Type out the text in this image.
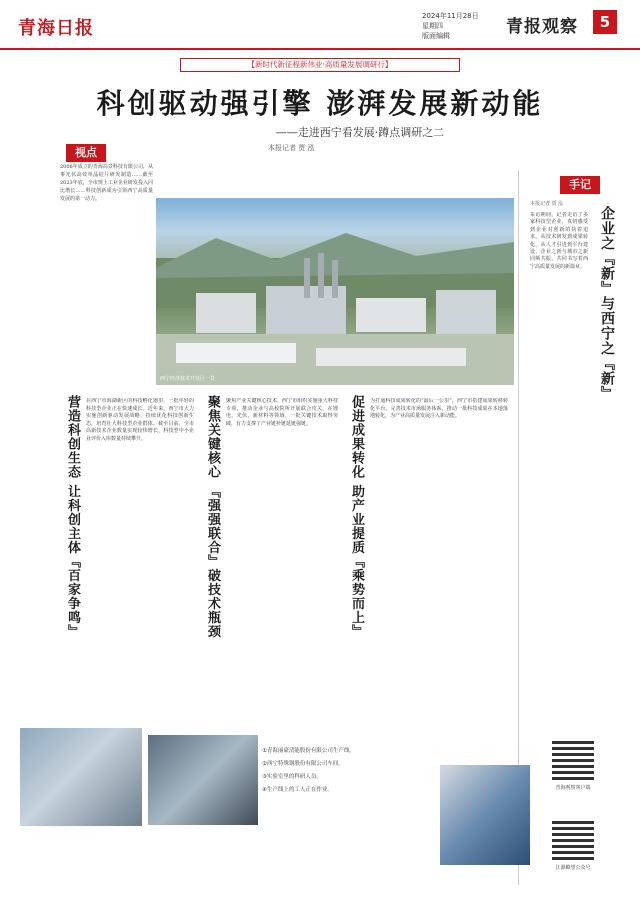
青海日报
2024年11月28日
星期四
版面编辑	青报观察	5
【新时代新征程新伟业·高质量发展调研行】
科创驱动强引擎 澎湃发展新动能
——走进西宁看发展·蹲点调研之二
本报记者 贾 泓
视点
2006年成立的青海高景科技有限公司，从事光伏高效单晶硅片研发制造……截至2023年底，全市规上工业企业研发投入同比增长……科技创新成为引领西宁高质量发展的第一动力。
西宁经济技术开发区一景
营造科创生态 让科创主体『百家争鸣』	在西宁市海湖新区的科技孵化器里，一批年轻的科技型企业正在快速成长。近年来，西宁市大力实施创新驱动发展战略，持续优化科技创新生态，培育壮大科技型企业群体。截至目前，全市高新技术企业数量实现较快增长，科技型中小企业评价入库数量持续攀升。	聚焦关键核心 『强强联合』破技术瓶颈	聚焦产业关键核心技术，西宁市组织实施重大科技专项，推动企业与高校院所开展联合攻关。在锂电、光伏、新材料等领域，一批关键技术取得突破，有力支撑了产业链补链延链强链。	促进成果转化 助产业提质『乘势而上』	为打通科技成果转化的“最后一公里”，西宁市搭建成果转移转化平台，完善技术市场服务体系，推动一批科技成果在本地落地转化，为产业高质量发展注入新动能。
手记
本报记者 贾 泓
采访期间，记者走访了多家科技型企业，真切感受到企业对创新的执着追求。从技术研发到成果转化，从人才引进到平台建设，企业之新与城市之新同频共振，共同书写着西宁高质量发展的新篇章。 企业之『新』与西宁之『新』
①青海丽豪清能股份有限公司生产线。
②西宁特殊钢股份有限公司车间。
③实验室里的科研人员。
④生产线上的工人正在作业。	青海观察客户端
江源瞭望公众号
